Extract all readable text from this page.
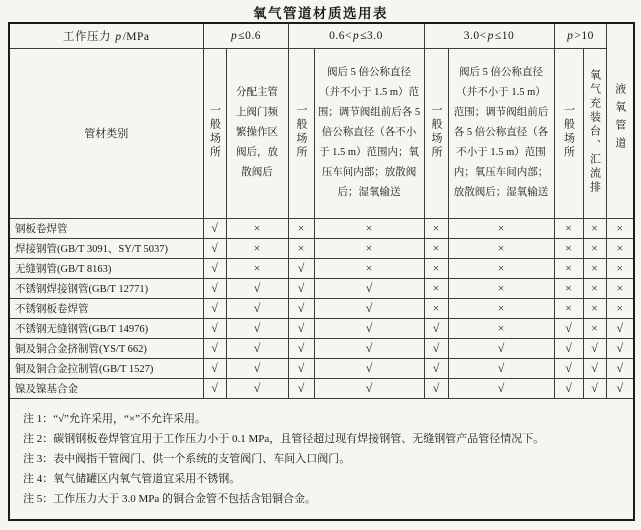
氧气管道材质选用表
工作压力 p/MPa	p≤0.6		0.6<p≤3.0		3.0<p≤10		p>10		液氧管道
管材类别	一般场所	分配主管上阀门频繁操作区阀后，放散阀后	一般场所	阀后 5 倍公称直径（并不小于 1.5 m）范围；调节阀组前后各 5 倍公称直径（各不小于 1.5 m）范围内；氧压车间内部；放散阀后；湿氧输送	一般场所	阀后 5 倍公称直径（并不小于 1.5 m）范围；调节阀组前后各 5 倍公称直径（各不小于 1.5 m）范围内；氧压车间内部；放散阀后；湿氧输送	一般场所	氧气充装台、汇流排	
钢板卷焊管	√	×	×	×	×	×	×	×	×
焊接钢管(GB/T 3091、SY/T 5037)	√	×	×	×	×	×	×	×	×
无缝钢管(GB/T 8163)	√	×	√	×	×	×	×	×	×
不锈钢焊接钢管(GB/T 12771)	√	√	√	√	×	×	×	×	×
不锈钢板卷焊管	√	√	√	√	×	×	×	×	×
不锈钢无缝钢管(GB/T 14976)	√	√	√	√	√	×	√	×	√
铜及铜合金挤制管(YS/T 662)	√	√	√	√	√	√	√	√	√
铜及铜合金拉制管(GB/T 1527)	√	√	√	√	√	√	√	√	√
镍及镍基合金	√	√	√	√	√	√	√	√	√

注 1：“√”允许采用，“×”不允许采用。
注 2：碳钢钢板卷焊管宜用于工作压力小于 0.1 MPa，且管径超过现有焊接钢管、无缝钢管产品管径情况下。
注 3：表中阀指干管阀门、供一个系统的支管阀门、车间入口阀门。
注 4：氧气储罐区内氧气管道宜采用不锈钢。
注 5：工作压力大于 3.0 MPa 的铜合金管不包括含铝铜合金。									
